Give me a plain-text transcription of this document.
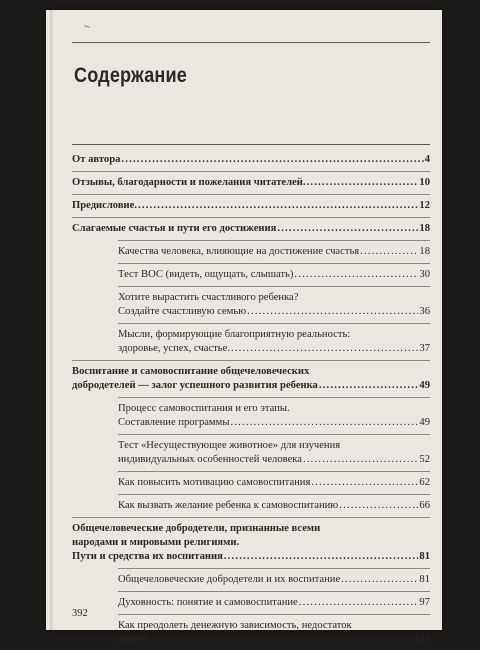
Содержание
От автора .....	4
Отзывы, благодарности и пожелания читателей. .....	10
Предисловие. .....	12
Слагаемые счастья и пути его достижения .....	18
Качества человека, влияющие на достижение счастья .....	18
Тест ВОС (видеть, ощущать, слышать) .....	30
Хотите вырастить счастливого ребенка?
Создайте счастливую семью .....	36
Мысли, формирующие благоприятную реальность:
здоровье, успех, счастье. .....	37
Воспитание и самовоспитание общечеловеческих
добродетелей — залог успешного развития ребенка .....	49
Процесс самовоспитания и его этапы.
Составление программы .....	49
Тест «Несуществующее животное» для изучения
индивидуальных особенностей человека .....	52
Как повысить мотивацию самовоспитания .....	62
Как вызвать желание ребенка к самовоспитанию .....	66
Общечеловеческие добродетели, признанные всеми
народами и мировыми религиями.
Пути и средства их воспитания .....	81
Общечеловеческие добродетели и их воспитание .....	81
Духовность: понятие и самовоспитание .....	97
Как преодолеть денежную зависимость, недостаток
денег? .....	113
392
